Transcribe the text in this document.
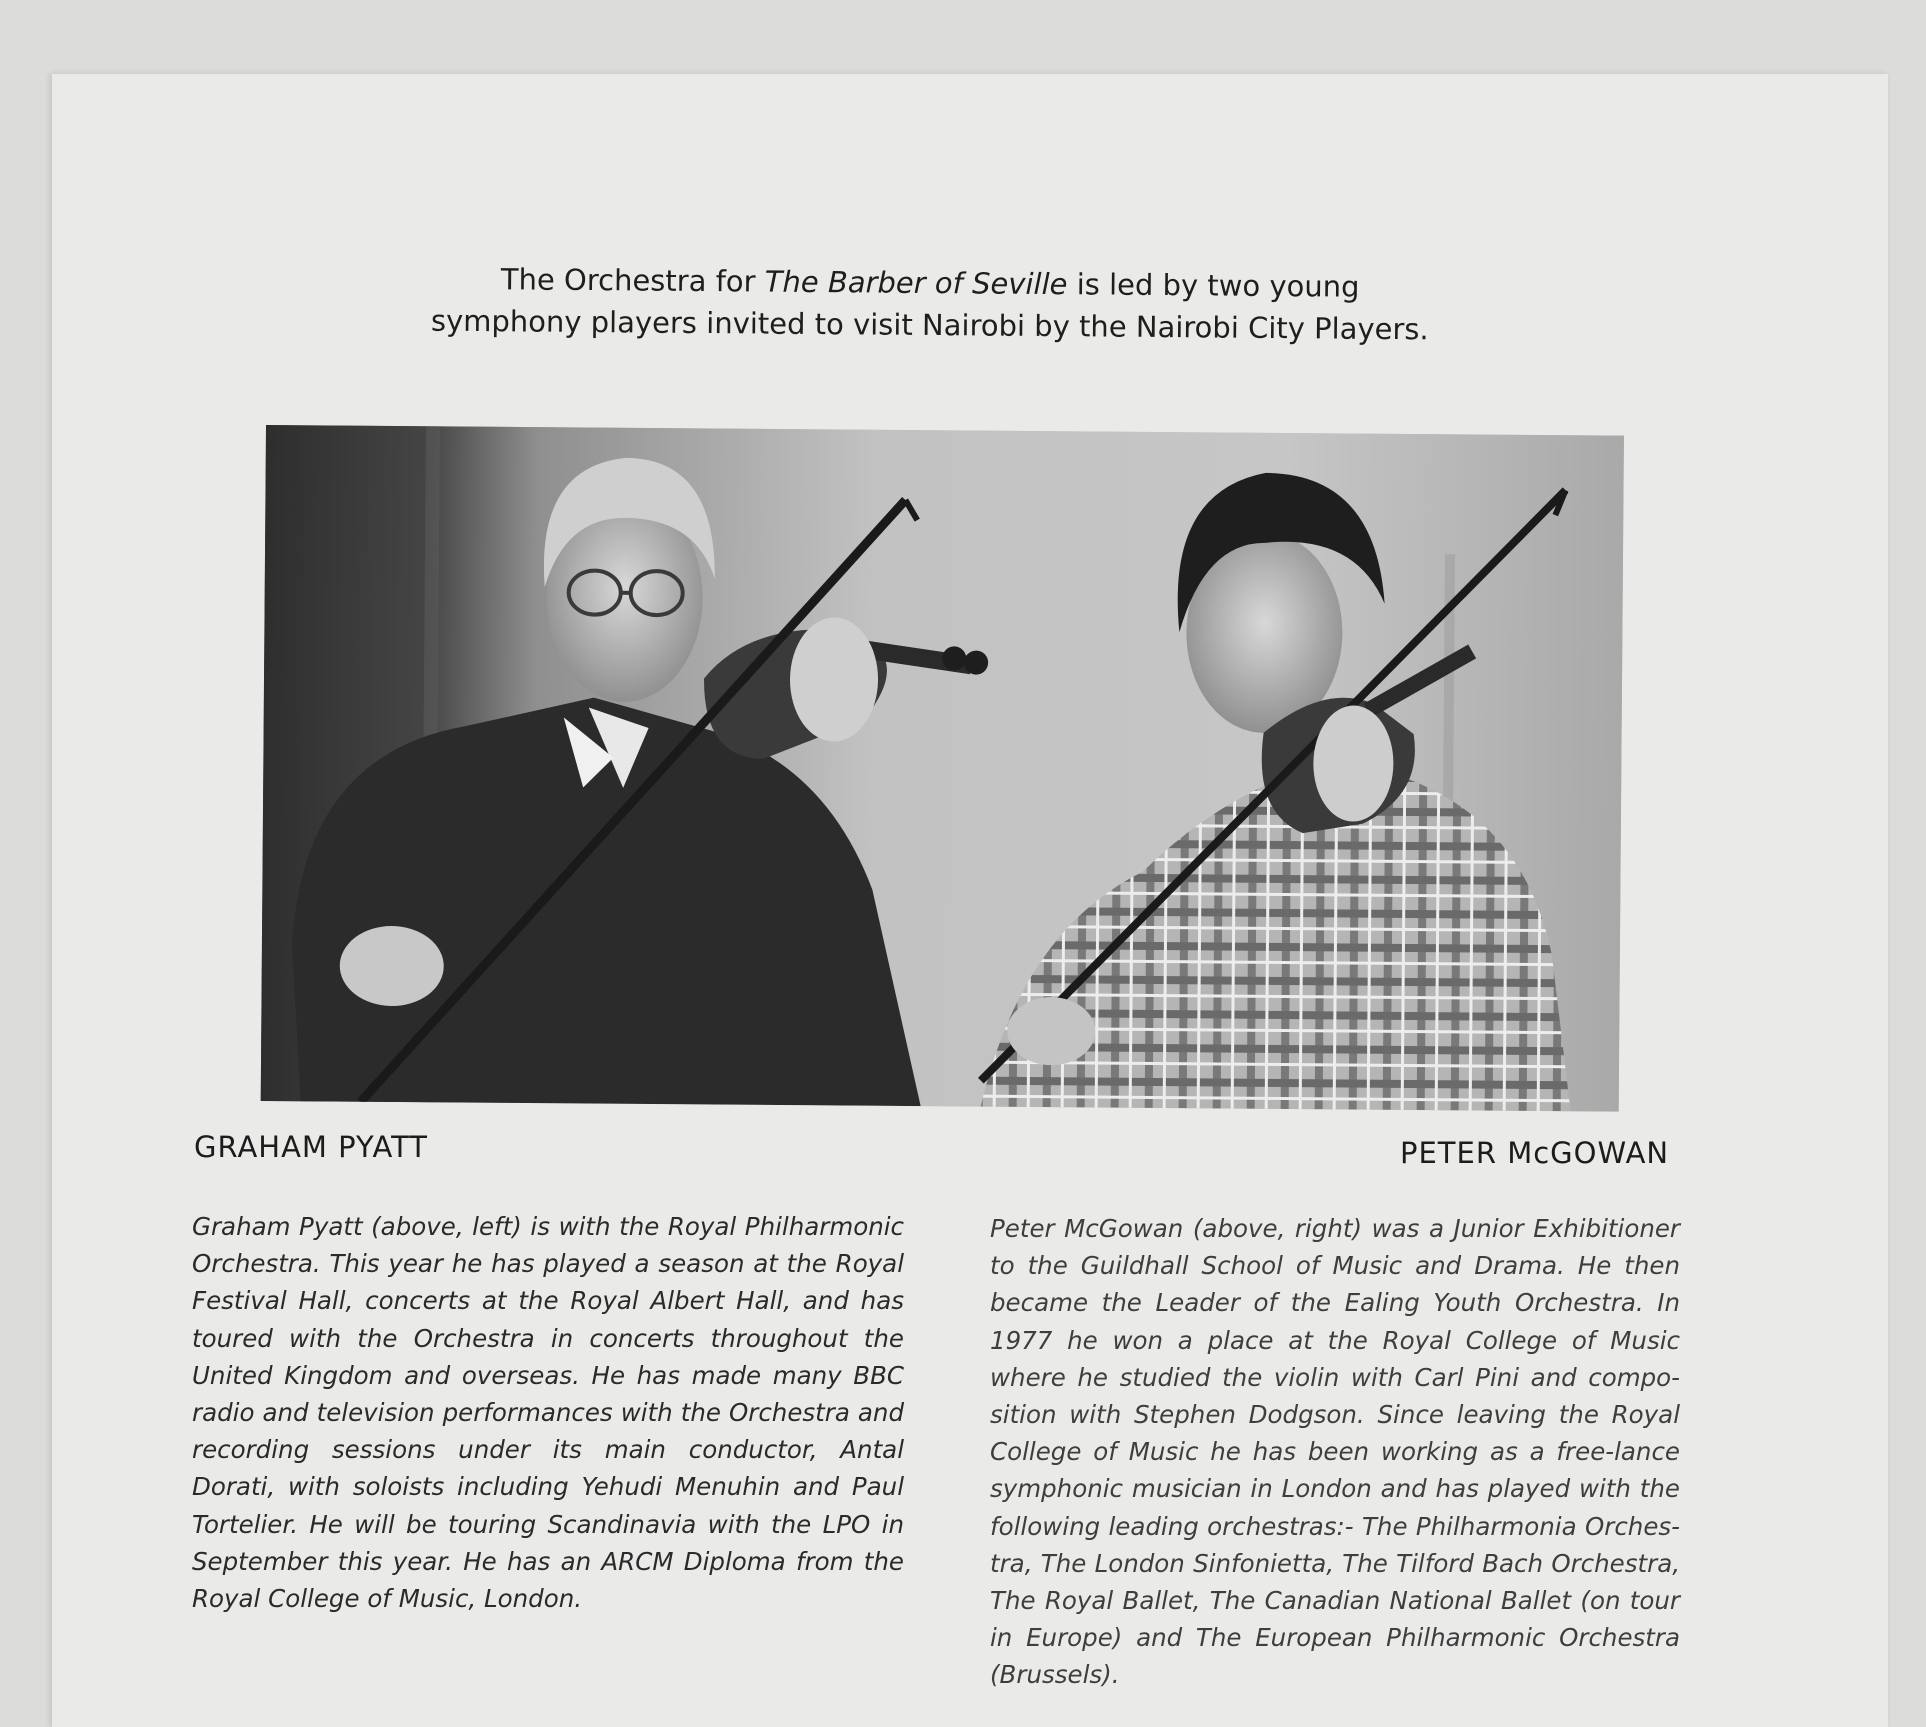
The Orchestra for The Barber of Seville is led by two young
symphony players invited to visit Nairobi by the Nairobi City Players.
GRAHAM PYATT	PETER McGOWAN
Graham Pyatt (above, left) is with the Royal Philharmonic Orchestra. This year he has played a season at the Royal Festival Hall, concerts at the Royal Albert Hall, and has toured with the Orchestra in concerts throughout the United Kingdom and overseas. He has made many BBC radio and television performances with the Orchestra and recording sessions under its main conductor, Antal Dorati, with soloists including Yehudi Menuhin and Paul Tortelier. He will be touring Scandinavia with the LPO in September this year. He has an ARCM Diploma from the Royal College of Music, London.
Peter McGowan (above, right) was a Junior Exhibitioner to the Guildhall School of Music and Drama. He then became the Leader of the Ealing Youth Orchestra. In 1977 he won a place at the Royal College of Music where he studied the violin with Carl Pini and compo-sition with Stephen Dodgson. Since leaving the Royal College of Music he has been working as a free-lance symphonic musician in London and has played with the following leading orchestras:- The Philharmonia Orches-tra, The London Sinfonietta, The Tilford Bach Orchestra, The Royal Ballet, The Canadian National Ballet (on tour in Europe) and The European Philharmonic Orchestra (Brussels).
